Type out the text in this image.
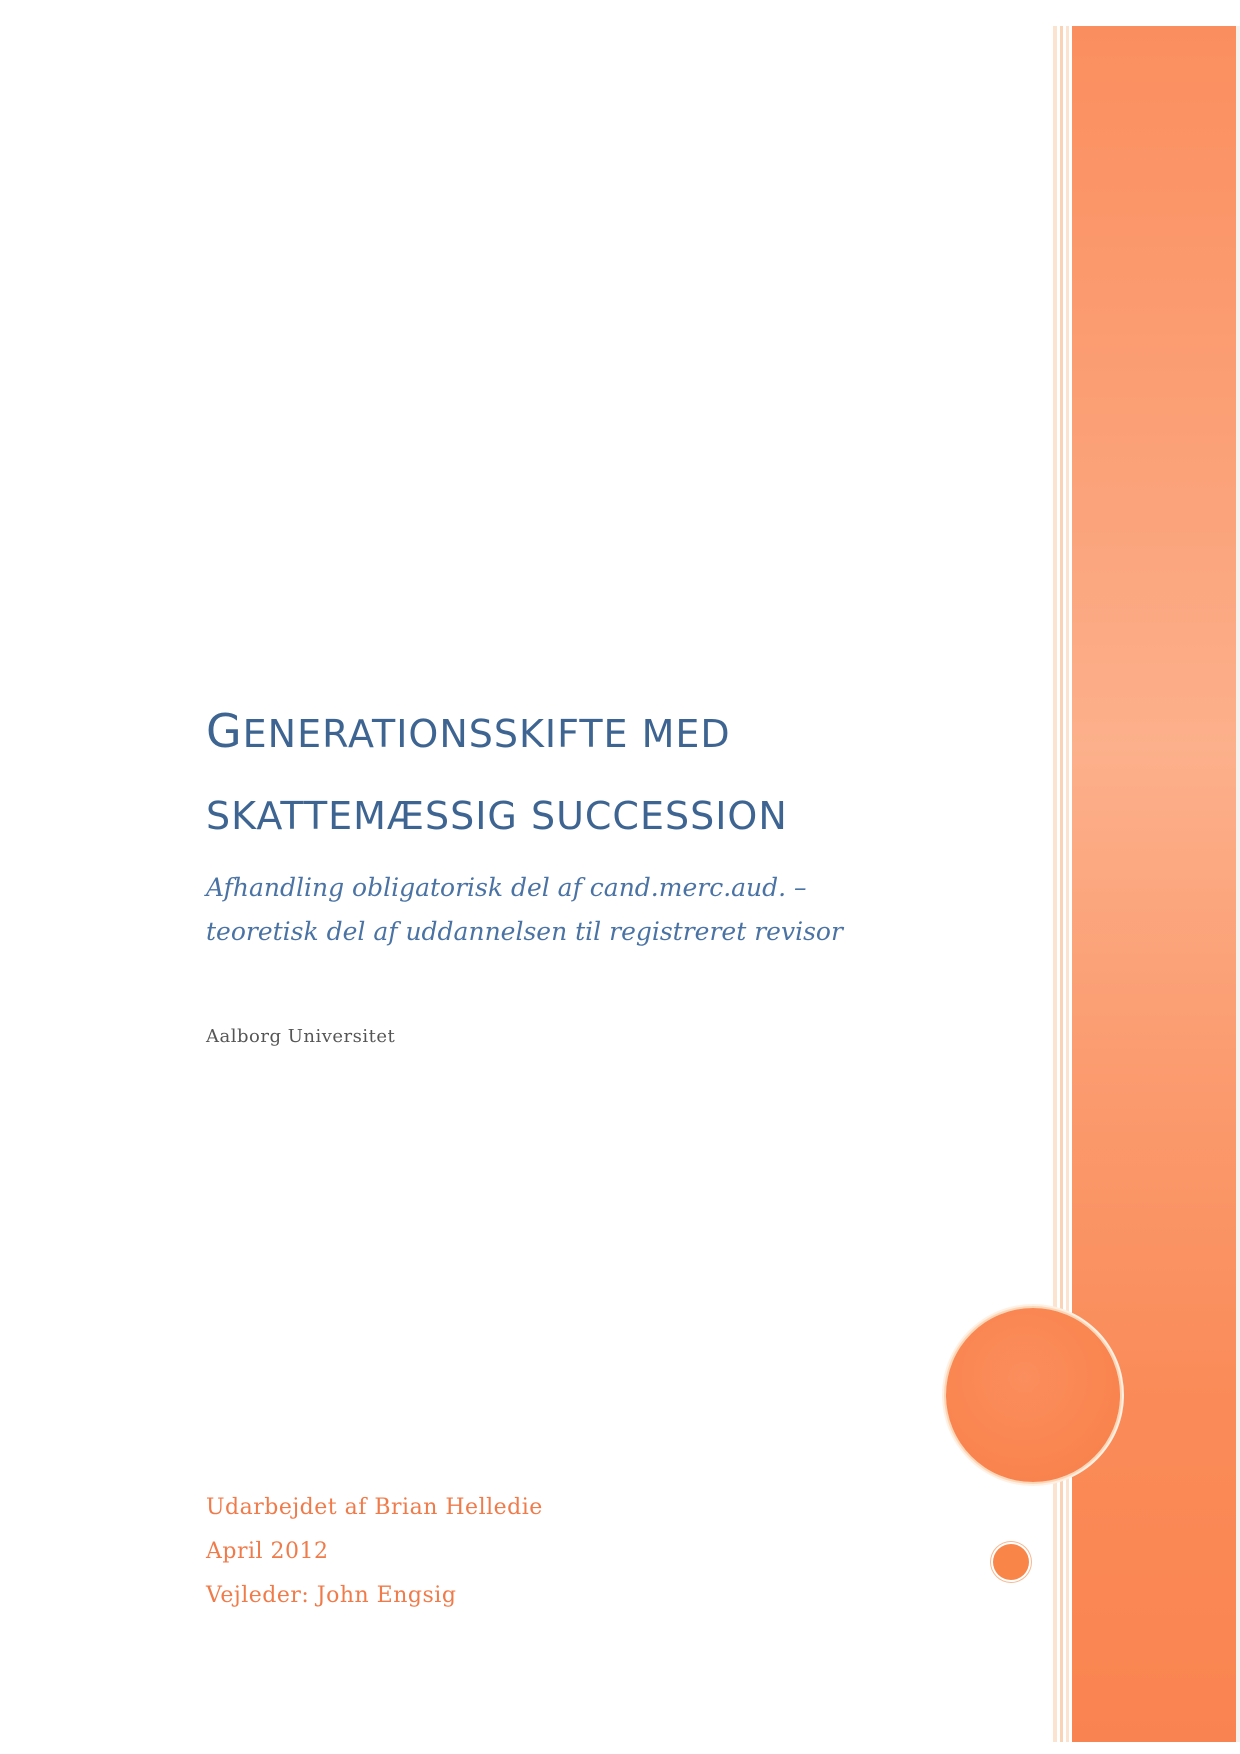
GENERATIONSSKIFTE MED
SKATTEMÆSSIG SUCCESSION

Afhandling obligatorisk del af cand.merc.aud. –
teoretisk del af uddannelsen til registreret revisor

Aalborg Universitet

Udarbejdet af Brian Helledie
April 2012
Vejleder: John Engsig
